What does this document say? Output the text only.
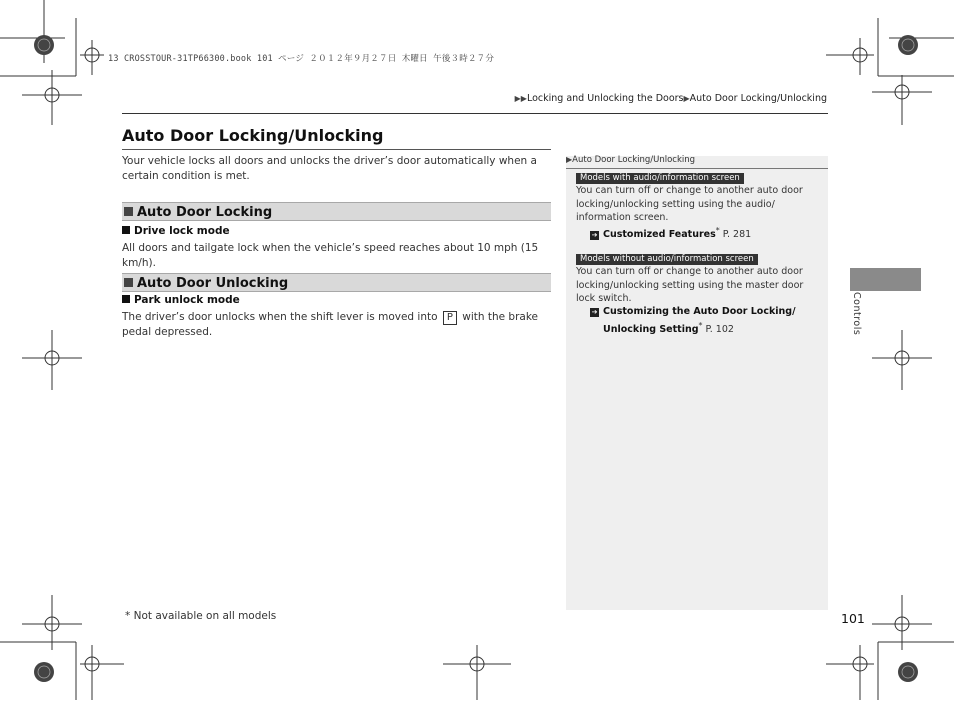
13 CROSSTOUR-31TP66300.book 101 ページ ２０１２年９月２７日 木曜日 午後３時２７分
▶▶Locking and Unlocking the Doors▶Auto Door Locking/Unlocking
Auto Door Locking/Unlocking
Your vehicle locks all doors and unlocks the driver’s door automatically when a certain condition is met.
Auto Door Locking
Drive lock mode
All doors and tailgate lock when the vehicle’s speed reaches about 10 mph (15 km/h).
Auto Door Unlocking
Park unlock mode
The driver’s door unlocks when the shift lever is moved into P with the brake pedal depressed.
▶Auto Door Locking/Unlocking
Models with audio/information screen
You can turn off or change to another auto door locking/unlocking setting using the audio/ information screen.
➔ Customized Features* P. 281
Models without audio/information screen
You can turn off or change to another auto door locking/unlocking setting using the master door lock switch.
➔ Customizing the Auto Door Locking/
Unlocking Setting* P. 102	Controls
* Not available on all models	101
